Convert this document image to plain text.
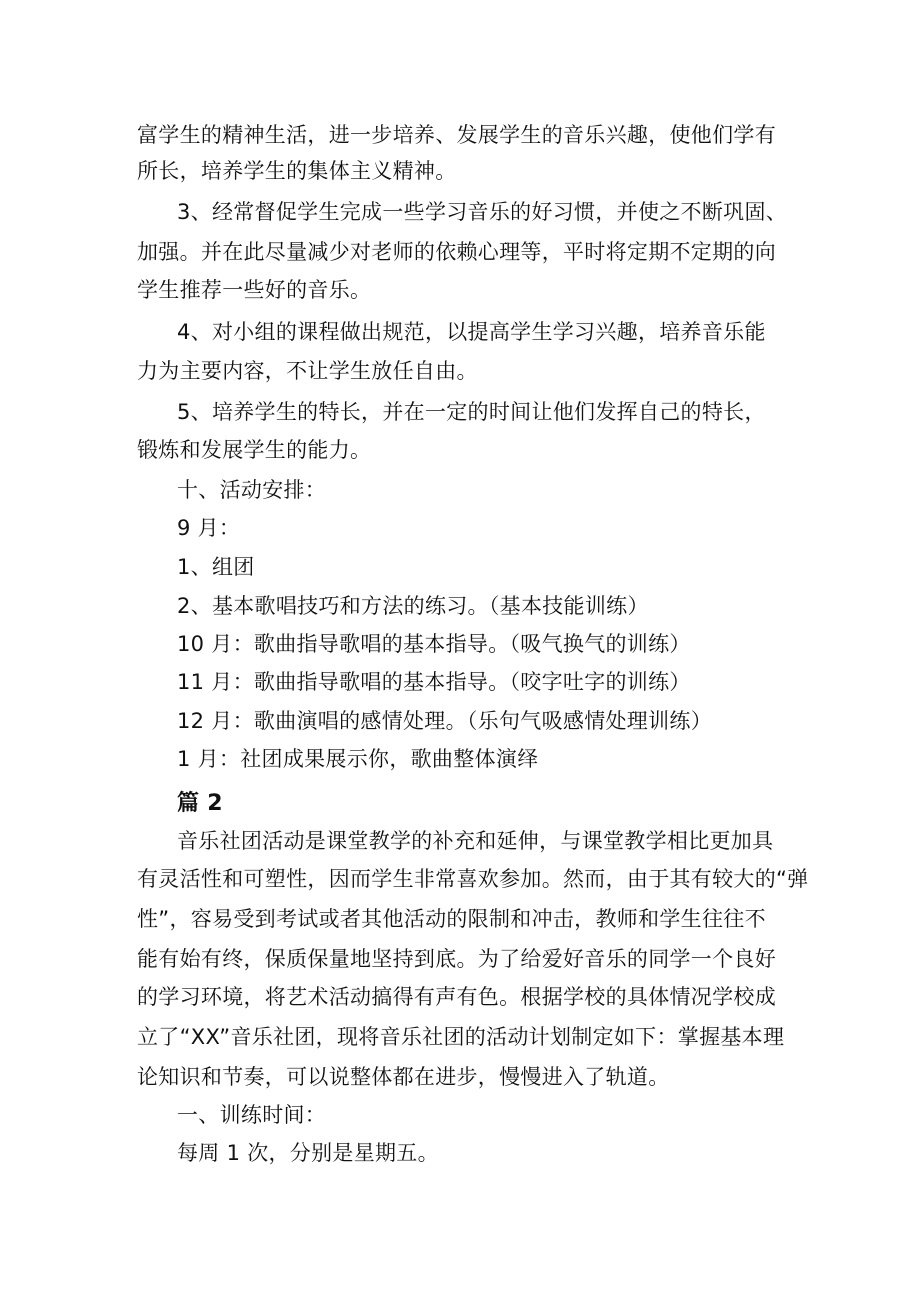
富学生的精神生活，进一步培养、发展学生的音乐兴趣，使他们学有
所长，培养学生的集体主义精神。
3、经常督促学生完成一些学习音乐的好习惯，并使之不断巩固、
加强。并在此尽量减少对老师的依赖心理等，平时将定期不定期的向
学生推荐一些好的音乐。
4、对小组的课程做出规范，以提高学生学习兴趣，培养音乐能
力为主要内容，不让学生放任自由。
5、培养学生的特长，并在一定的时间让他们发挥自己的特长，
锻炼和发展学生的能力。
十、活动安排：
9 月：
1、组团
2、基本歌唱技巧和方法的练习。（基本技能训练）
10 月：歌曲指导歌唱的基本指导。（吸气换气的训练）
11 月：歌曲指导歌唱的基本指导。（咬字吐字的训练）
12 月：歌曲演唱的感情处理。（乐句气吸感情处理训练）
1 月：社团成果展示你，歌曲整体演绎
篇 2
音乐社团活动是课堂教学的补充和延伸，与课堂教学相比更加具
有灵活性和可塑性，因而学生非常喜欢参加。然而，由于其有较大的“弹
性”，容易受到考试或者其他活动的限制和冲击，教师和学生往往不
能有始有终，保质保量地坚持到底。为了给爱好音乐的同学一个良好
的学习环境，将艺术活动搞得有声有色。根据学校的具体情况学校成
立了“XX”音乐社团，现将音乐社团的活动计划制定如下：掌握基本理
论知识和节奏，可以说整体都在进步，慢慢进入了轨道。
一、训练时间：
每周 1 次，分别是星期五。
